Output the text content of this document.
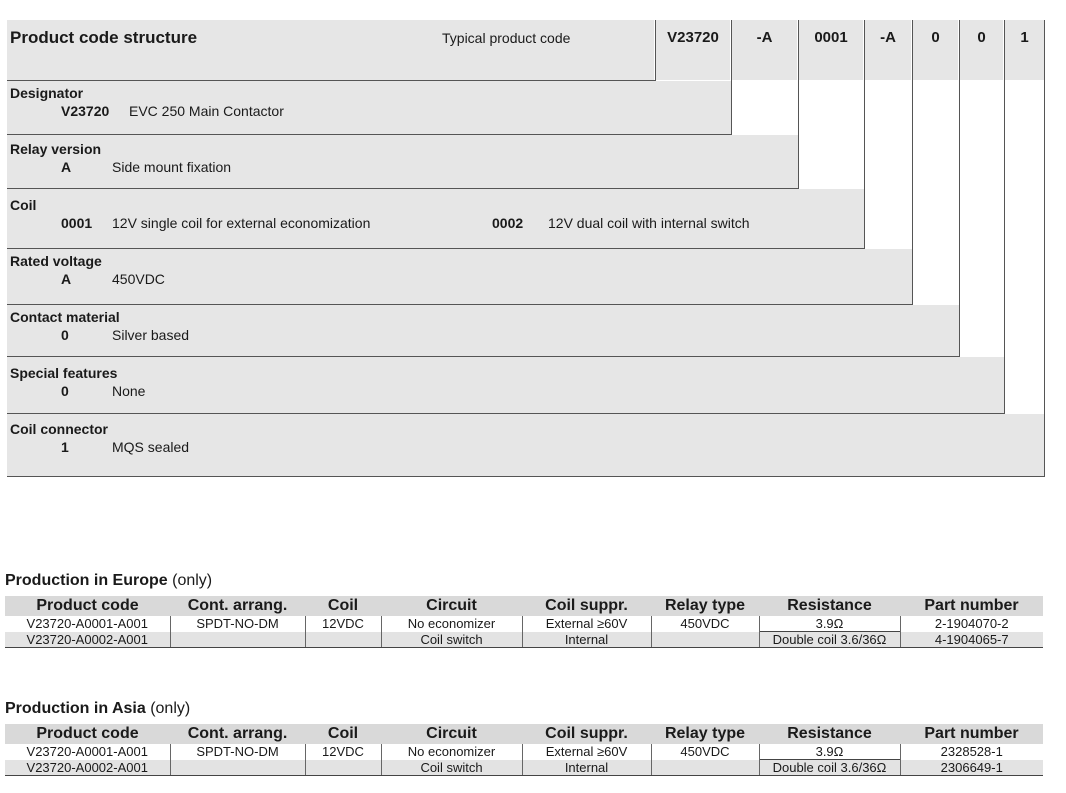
Product code structure	Typical product code	V23720	-A	0001	-A	0	0	1
Designator
V23720 EVC 250 Main Contactor
Relay version
A	Side mount fixation
Coil
0001 12V single coil for external economization	0002 12V dual coil with internal switch
Rated voltage
A	450VDC
Contact material
0	Silver based
Special features
0	None
Coil connector
1	MQS sealed
Production in Europe (only)
Product code	Cont. arrang.	Coil	Circuit	Coil suppr.	Relay type	Resistance	Part number
V23720-A0001-A001	SPDT-NO-DM	12VDC	No economizer	External ≥60V	450VDC	3.9Ω	2-1904070-2
V23720-A0002-A001			Coil switch	Internal		Double coil 3.6/36Ω	4-1904065-7
Production in Asia (only)
Product code	Cont. arrang.	Coil	Circuit	Coil suppr.	Relay type	Resistance	Part number
V23720-A0001-A001	SPDT-NO-DM	12VDC	No economizer	External ≥60V	450VDC	3.9Ω	2328528-1
V23720-A0002-A001			Coil switch	Internal		Double coil 3.6/36Ω	2306649-1
